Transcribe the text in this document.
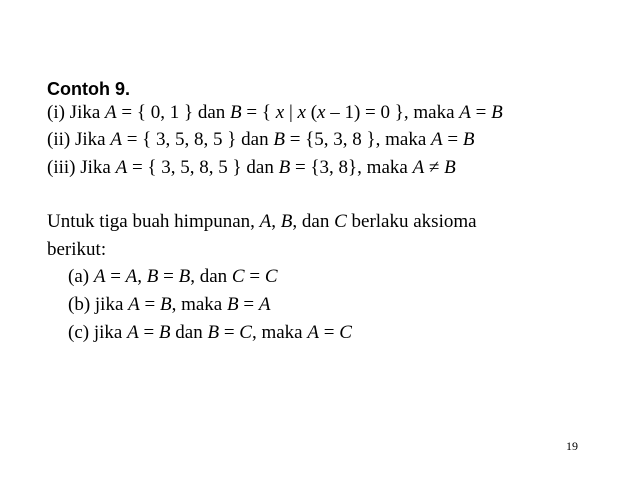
Contoh 9.
(i) Jika A = { 0, 1 } dan B = { x | x (x – 1) = 0 }, maka A = B
(ii) Jika A = { 3, 5, 8, 5 } dan B = {5, 3, 8 }, maka A = B
(iii) Jika A = { 3, 5, 8, 5 } dan B = {3, 8}, maka A ≠ B
Untuk tiga buah himpunan, A, B, dan C berlaku aksioma
berikut:
(a) A = A, B = B, dan C = C
(b) jika A = B, maka B = A
(c) jika A = B dan B = C, maka A = C
19
